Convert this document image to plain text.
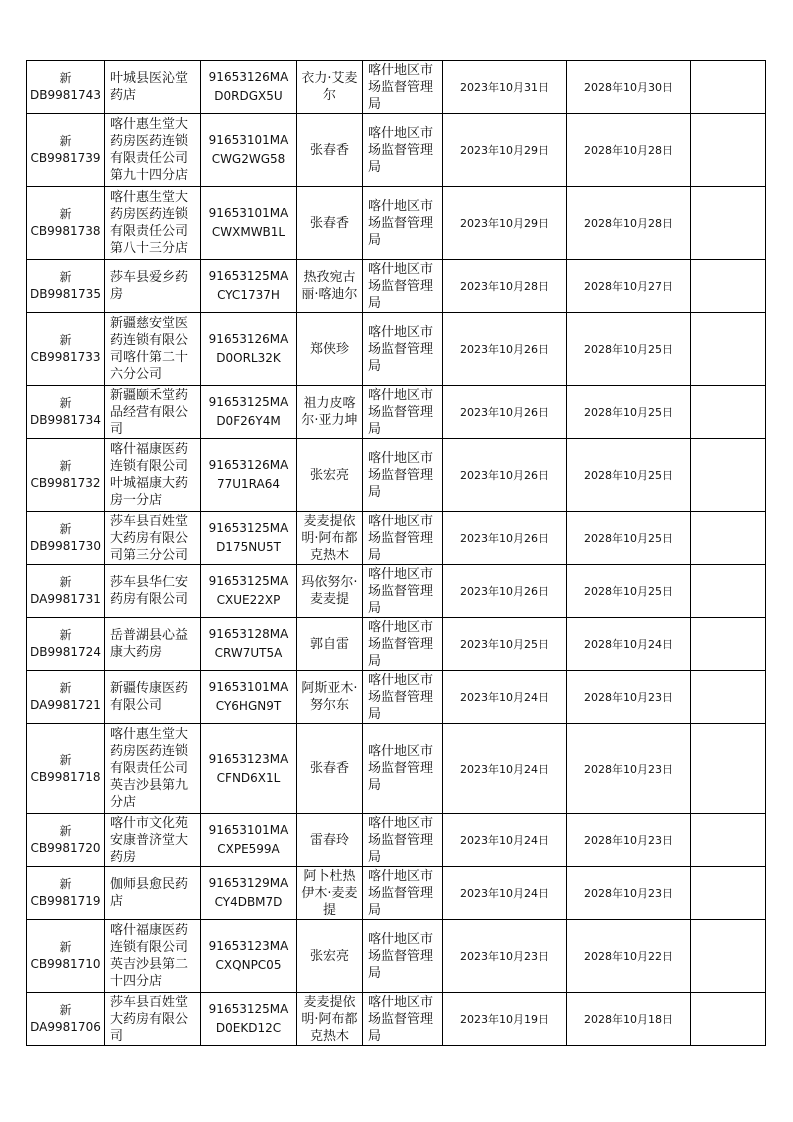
新
DB9981743	叶城县医沁堂
药店	91653126MA
D0RDGX5U	衣力·艾麦
尔	喀什地区市
场监督管理
局	2023年10月31日	2028年10月30日	

新
CB9981739	喀什惠生堂大
药房医药连锁
有限责任公司
第九十四分店	91653101MA
CWG2WG58	张春香	喀什地区市
场监督管理
局	2023年10月29日	2028年10月28日	

新
CB9981738	喀什惠生堂大
药房医药连锁
有限责任公司
第八十三分店	91653101MA
CWXMWB1L	张春香	喀什地区市
场监督管理
局	2023年10月29日	2028年10月28日	

新
DB9981735	莎车县爱乡药
房	91653125MA
CYC1737H	热孜宛古
丽·喀迪尔	喀什地区市
场监督管理
局	2023年10月28日	2028年10月27日	

新
CB9981733	新疆慈安堂医
药连锁有限公
司喀什第二十
六分公司	91653126MA
D0ORL32K	郑侠珍	喀什地区市
场监督管理
局	2023年10月26日	2028年10月25日	

新
DB9981734	新疆颐禾堂药
品经营有限公
司	91653125MA
D0F26Y4M	祖力皮喀
尔·亚力坤	喀什地区市
场监督管理
局	2023年10月26日	2028年10月25日	

新
CB9981732	喀什福康医药
连锁有限公司
叶城福康大药
房一分店	91653126MA
77U1RA64	张宏亮	喀什地区市
场监督管理
局	2023年10月26日	2028年10月25日	

新
DB9981730	莎车县百姓堂
大药房有限公
司第三分公司	91653125MA
D175NU5T	麦麦提依
明·阿布都
克热木	喀什地区市
场监督管理
局	2023年10月26日	2028年10月25日	

新
DA9981731	莎车县华仁安
药房有限公司	91653125MA
CXUE22XP	玛依努尔·
麦麦提	喀什地区市
场监督管理
局	2023年10月26日	2028年10月25日	

新
DB9981724	岳普湖县心益
康大药房	91653128MA
CRW7UT5A	郭自雷	喀什地区市
场监督管理
局	2023年10月25日	2028年10月24日	

新
DA9981721	新疆传康医药
有限公司	91653101MA
CY6HGN9T	阿斯亚木·
努尔东	喀什地区市
场监督管理
局	2023年10月24日	2028年10月23日	

新
CB9981718	喀什惠生堂大
药房医药连锁
有限责任公司
英吉沙县第九
分店	91653123MA
CFND6X1L	张春香	喀什地区市
场监督管理
局	2023年10月24日	2028年10月23日	

新
CB9981720	喀什市文化苑
安康普济堂大
药房	91653101MA
CXPE599A	雷春玲	喀什地区市
场监督管理
局	2023年10月24日	2028年10月23日	

新
CB9981719	伽师县愈民药
店	91653129MA
CY4DBM7D	阿卜杜热
伊木·麦麦
提	喀什地区市
场监督管理
局	2023年10月24日	2028年10月23日	

新
CB9981710	喀什福康医药
连锁有限公司
英吉沙县第二
十四分店	91653123MA
CXQNPC05	张宏亮	喀什地区市
场监督管理
局	2023年10月23日	2028年10月22日	

新
DA9981706	莎车县百姓堂
大药房有限公
司	91653125MA
D0EKD12C	麦麦提依
明·阿布都
克热木	喀什地区市
场监督管理
局	2023年10月19日	2028年10月18日	
